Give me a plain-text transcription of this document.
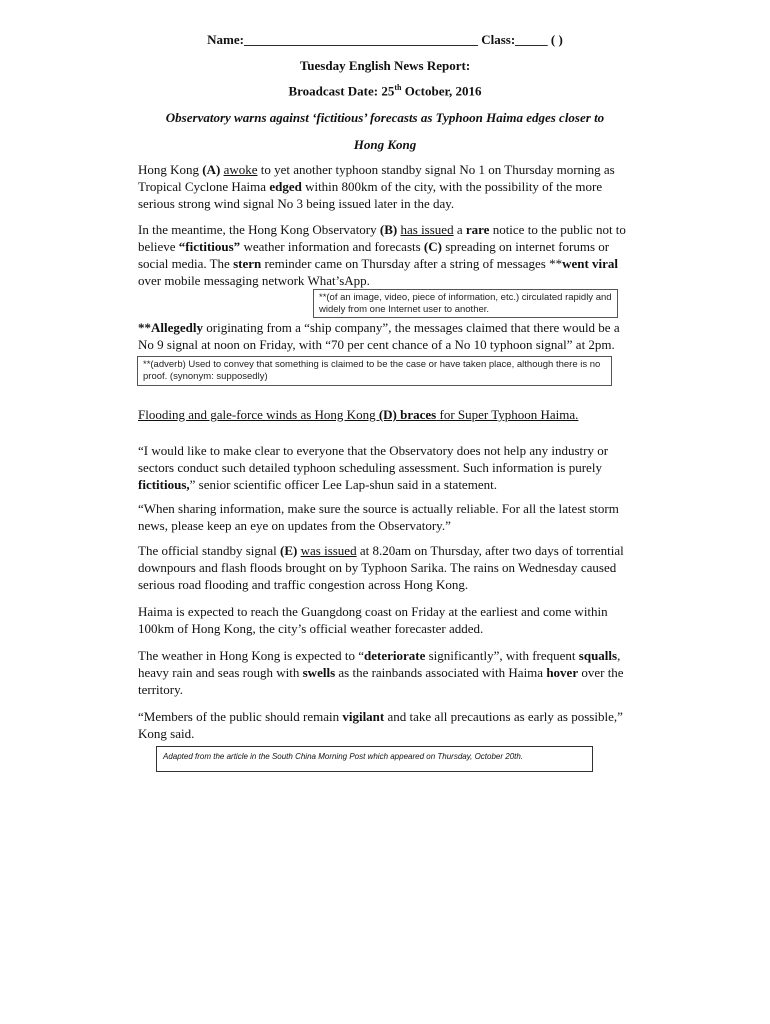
Name:____________________________________ Class:_____ ( )
Tuesday English News Report:
Broadcast Date: 25th October, 2016
Observatory warns against ‘fictitious’ forecasts as Typhoon Haima edges closer to
Hong Kong

Hong Kong (A) awoke to yet another typhoon standby signal No 1 on Thursday morning as Tropical Cyclone Haima edged within 800km of the city, with the possibility of the more serious strong wind signal No 3 being issued later in the day.

In the meantime, the Hong Kong Observatory (B) has issued a rare notice to the public not to believe “fictitious” weather information and forecasts (C) spreading on internet forums or social media. The stern reminder came on Thursday after a string of messages **went viral over mobile messaging network What’sApp.

**(of an image, video, piece of information, etc.) circulated rapidly and widely from one Internet user to another.

**Allegedly originating from a “ship company”, the messages claimed that there would be a No 9 signal at noon on Friday, with “70 per cent chance of a No 10 typhoon signal” at 2pm.

**(adverb) Used to convey that something is claimed to be the case or have taken place, although there is no proof. (synonym: supposedly)

Flooding and gale-force winds as Hong Kong (D) braces for Super Typhoon Haima.

“I would like to make clear to everyone that the Observatory does not help any industry or sectors conduct such detailed typhoon scheduling assessment. Such information is purely fictitious,” senior scientific officer Lee Lap-shun said in a statement.

“When sharing information, make sure the source is actually reliable. For all the latest storm news, please keep an eye on updates from the Observatory.”

The official standby signal (E) was issued at 8.20am on Thursday, after two days of torrential downpours and flash floods brought on by Typhoon Sarika. The rains on Wednesday caused serious road flooding and traffic congestion across Hong Kong.

Haima is expected to reach the Guangdong coast on Friday at the earliest and come within 100km of Hong Kong, the city’s official weather forecaster added.

The weather in Hong Kong is expected to “deteriorate significantly”, with frequent squalls, heavy rain and seas rough with swells as the rainbands associated with Haima hover over the territory.

“Members of the public should remain vigilant and take all precautions as early as possible,” Kong said.

Adapted from the article in the South China Morning Post which appeared on Thursday, October 20th.
